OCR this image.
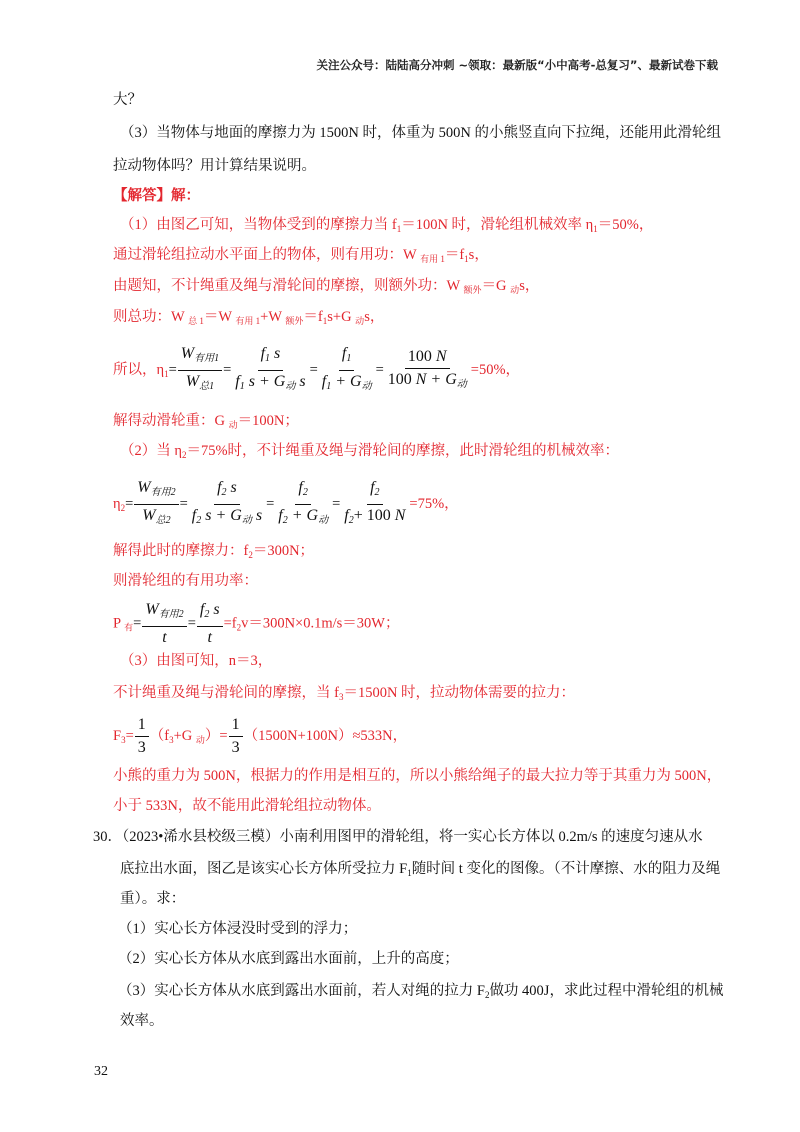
关注公众号：陆陆高分冲刺 ~领取：最新版“小中高考-总复习”、最新试卷下载
大？
（3）当物体与地面的摩擦力为 1500N 时，体重为 500N 的小熊竖直向下拉绳，还能用此滑轮组
拉动物体吗？用计算结果说明。
【解答】解：
（1）由图乙可知，当物体受到的摩擦力当 $f_1=100N$ 时，滑轮组机械效率 $\eta_1=50\%$，
通过滑轮组拉动水平面上的物体，则有用功：W $_{有用 1}=f_1s$，
由题知，不计绳重及绳与滑轮间的摩擦，则额外功：W $_{额外}$＝G $_动$s，
则总功：W $_{总 1}$＝W $_{有用 1}$+W $_{额外}=f_1s+G$ $_动$s，
所以，$\eta_1= \frac{W_{有用1}}{W_{总1}} = \frac{f_1 s}{f_1 s + G_动 s} = \frac{f_1}{f_1 + G_动} = \frac{100 N}{100 N + G_动} =50\%$，
解得动滑轮重：G $_动$＝100N；
（2）当 $\eta_2=75\%$时，不计绳重及绳与滑轮间的摩擦，此时滑轮组的机械效率：
$\eta_2= \frac{W_{有用2}}{W_{总2}} = \frac{f_2 s}{f_2 s + G_动 s} = \frac{f_2}{f_2 + G_动} = \frac{f_2}{f_2+ 100 N} =75\%$，
解得此时的摩擦力：$f_2=300N$；
则滑轮组的有用功率：
P $_有= \frac{W_{有用2}}{t} = \frac{f_2 s}{t} =f_2v=300N\times 0.1m/s=30W$；
（3）由图可知，n＝3，
不计绳重及绳与滑轮间的摩擦，当 $f_3=1500N$ 时，拉动物体需要的拉力：
$F_3= \frac{1}{3} (f_3+G$ $_动)= \frac{1}{3} (1500N+100N)\approx 533N$，
小熊的重力为 500N，根据力的作用是相互的，所以小熊给绳子的最大拉力等于其重力为 500N，
小于 533N，故不能用此滑轮组拉动物体。
30．（2023•浠水县校级三模）小南利用图甲的滑轮组，将一实心长方体以 0.2m/s 的速度匀速从水
底拉出水面，图乙是该实心长方体所受拉力 $F_1$随时间 t 变化的图像。（不计摩擦、水的阻力及绳
重）。求：
（1）实心长方体浸没时受到的浮力；
（2）实心长方体从水底到露出水面前，上升的高度；
（3）实心长方体从水底到露出水面前，若人对绳的拉力 $F_2$做功 400J，求此过程中滑轮组的机械
效率。
32
